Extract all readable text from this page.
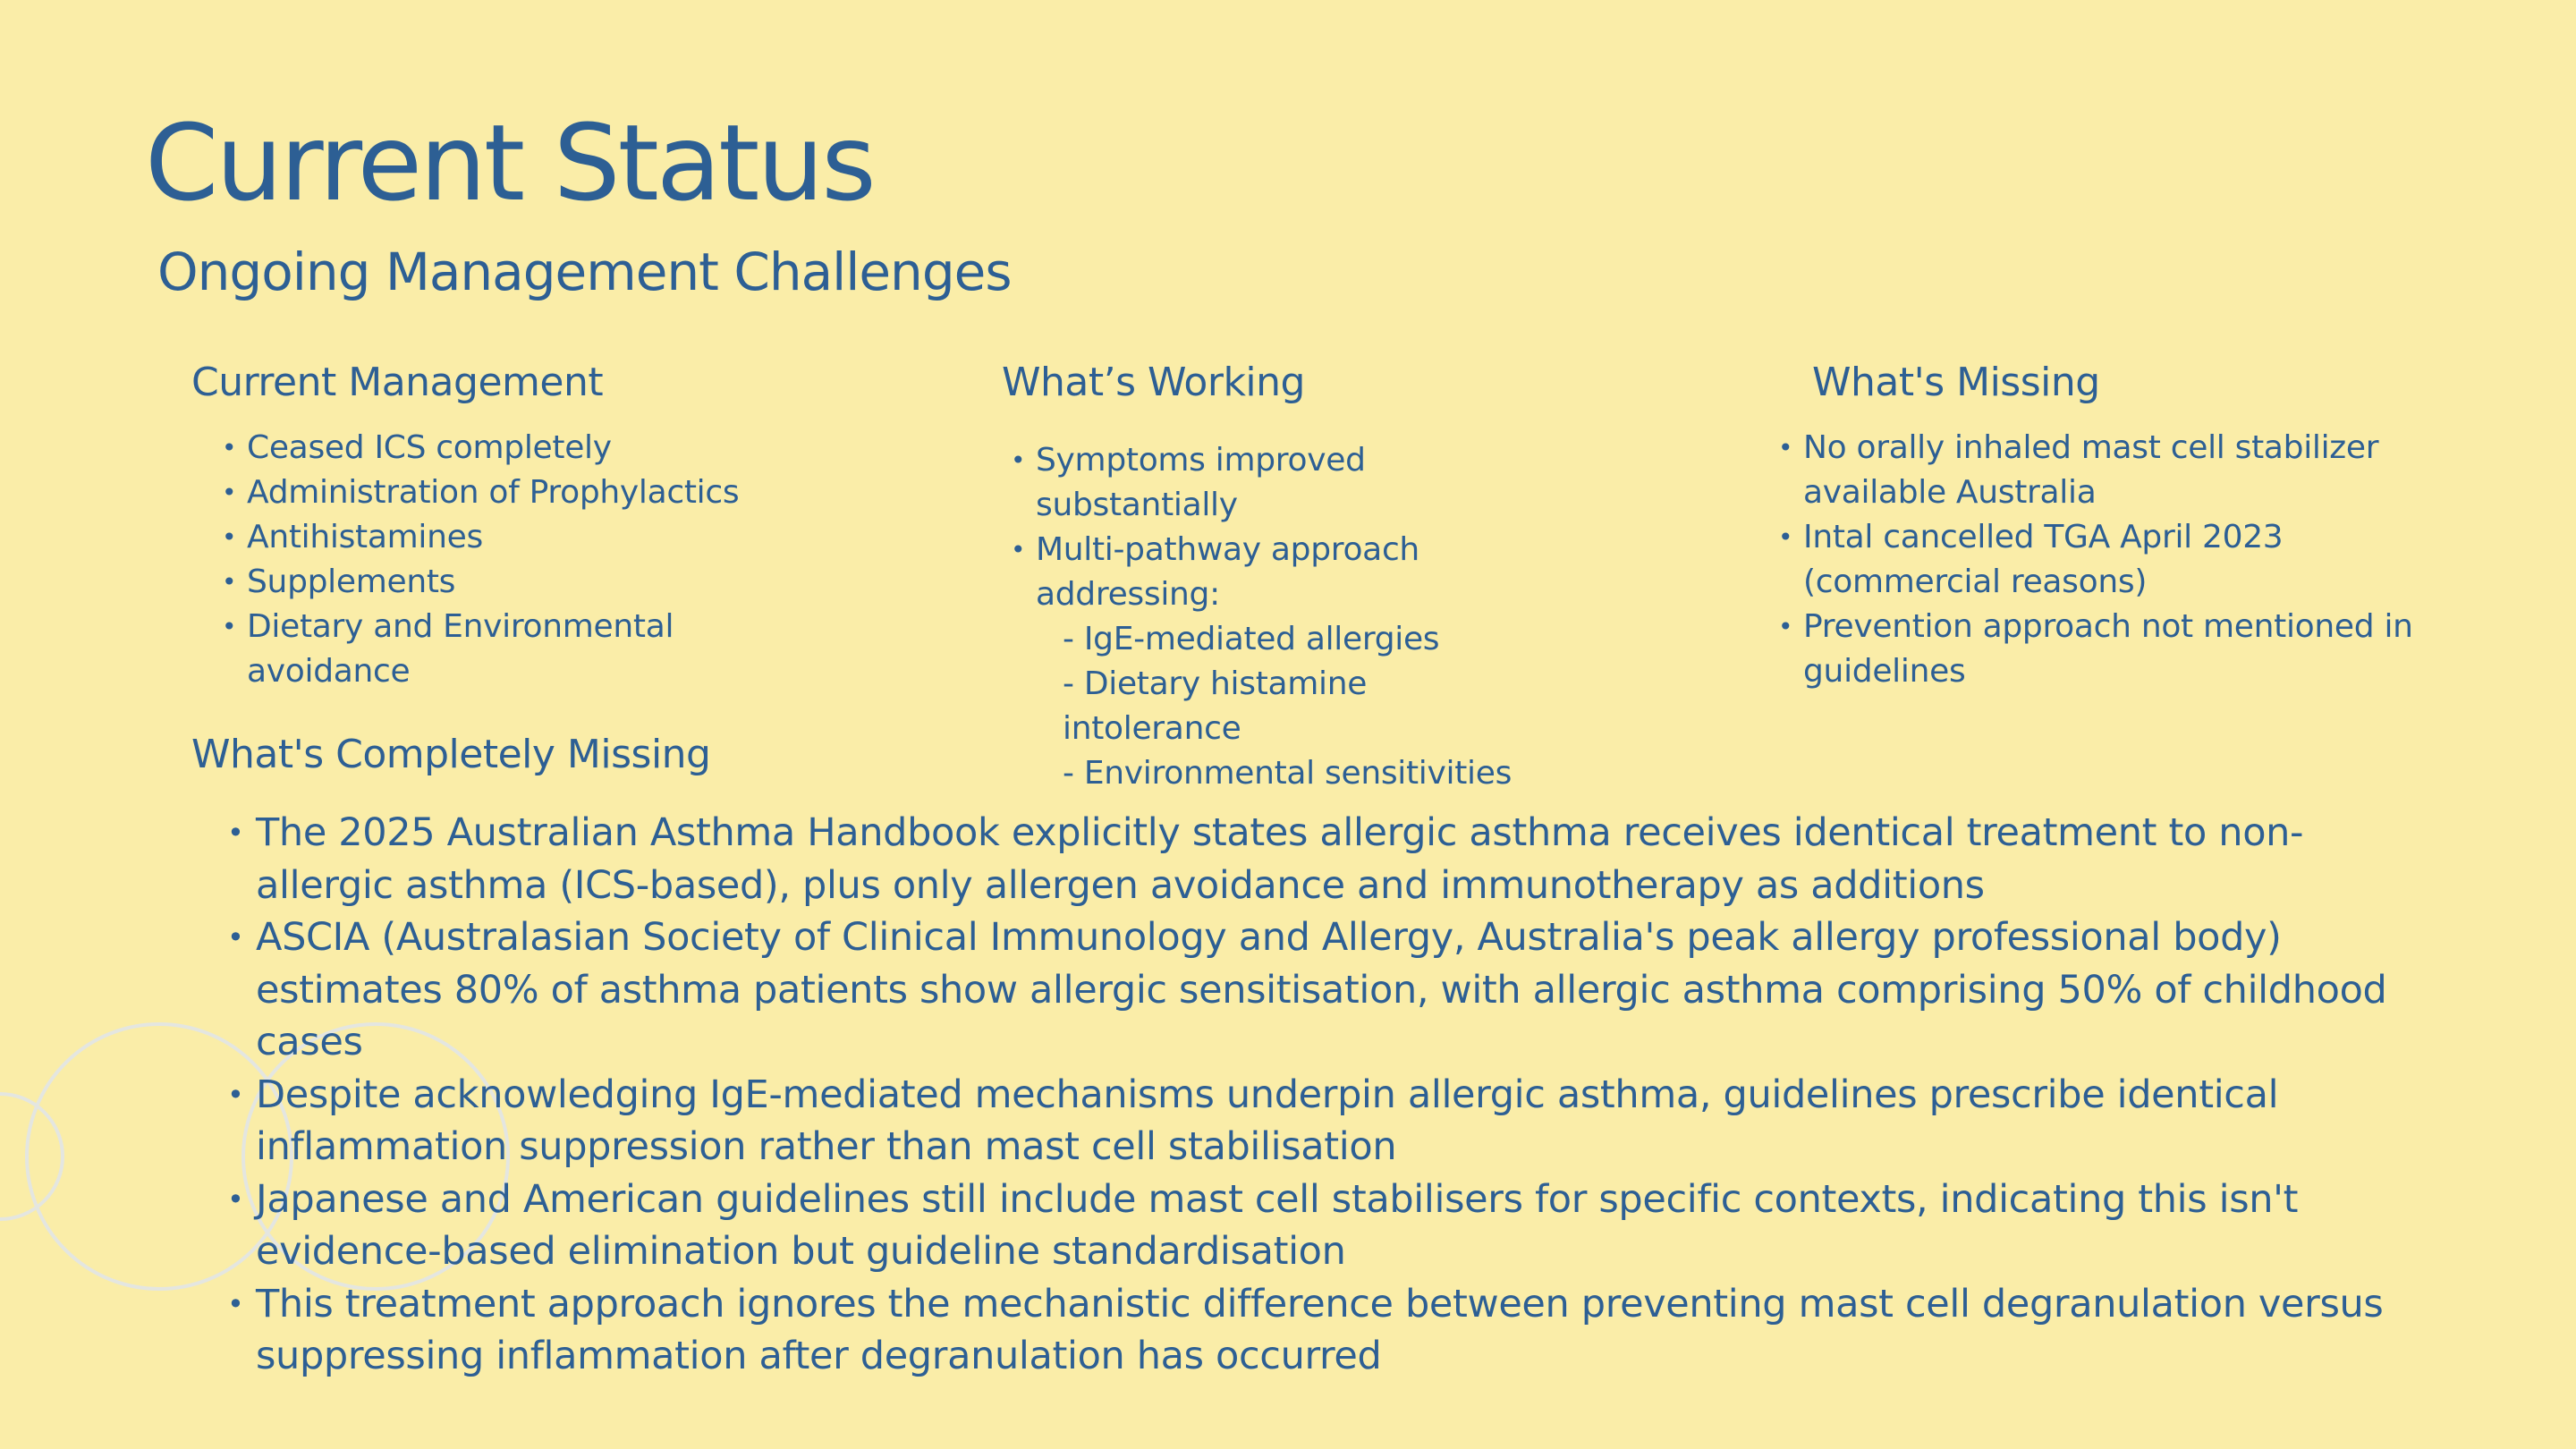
Current Status
Ongoing Management Challenges
Current Management
• Ceased ICS completely
• Administration of Prophylactics
• Antihistamines
• Supplements
• Dietary and Environmental avoidance
What’s Working
• Symptoms improved substantially
• Multi-pathway approach addressing:
- IgE-mediated allergies
- Dietary histamine intolerance
- Environmental sensitivities
What's Missing
• No orally inhaled mast cell stabilizer available Australia
• Intal cancelled TGA April 2023 (commercial reasons)
• Prevention approach not mentioned in guidelines
What's Completely Missing
• The 2025 Australian Asthma Handbook explicitly states allergic asthma receives identical treatment to non-allergic asthma (ICS-based), plus only allergen avoidance and immunotherapy as additions
• ASCIA (Australasian Society of Clinical Immunology and Allergy, Australia's peak allergy professional body) estimates 80% of asthma patients show allergic sensitisation, with allergic asthma comprising 50% of childhood cases
• Despite acknowledging IgE-mediated mechanisms underpin allergic asthma, guidelines prescribe identical inflammation suppression rather than mast cell stabilisation
• Japanese and American guidelines still include mast cell stabilisers for specific contexts, indicating this isn't evidence-based elimination but guideline standardisation
• This treatment approach ignores the mechanistic difference between preventing mast cell degranulation versus suppressing inflammation after degranulation has occurred
